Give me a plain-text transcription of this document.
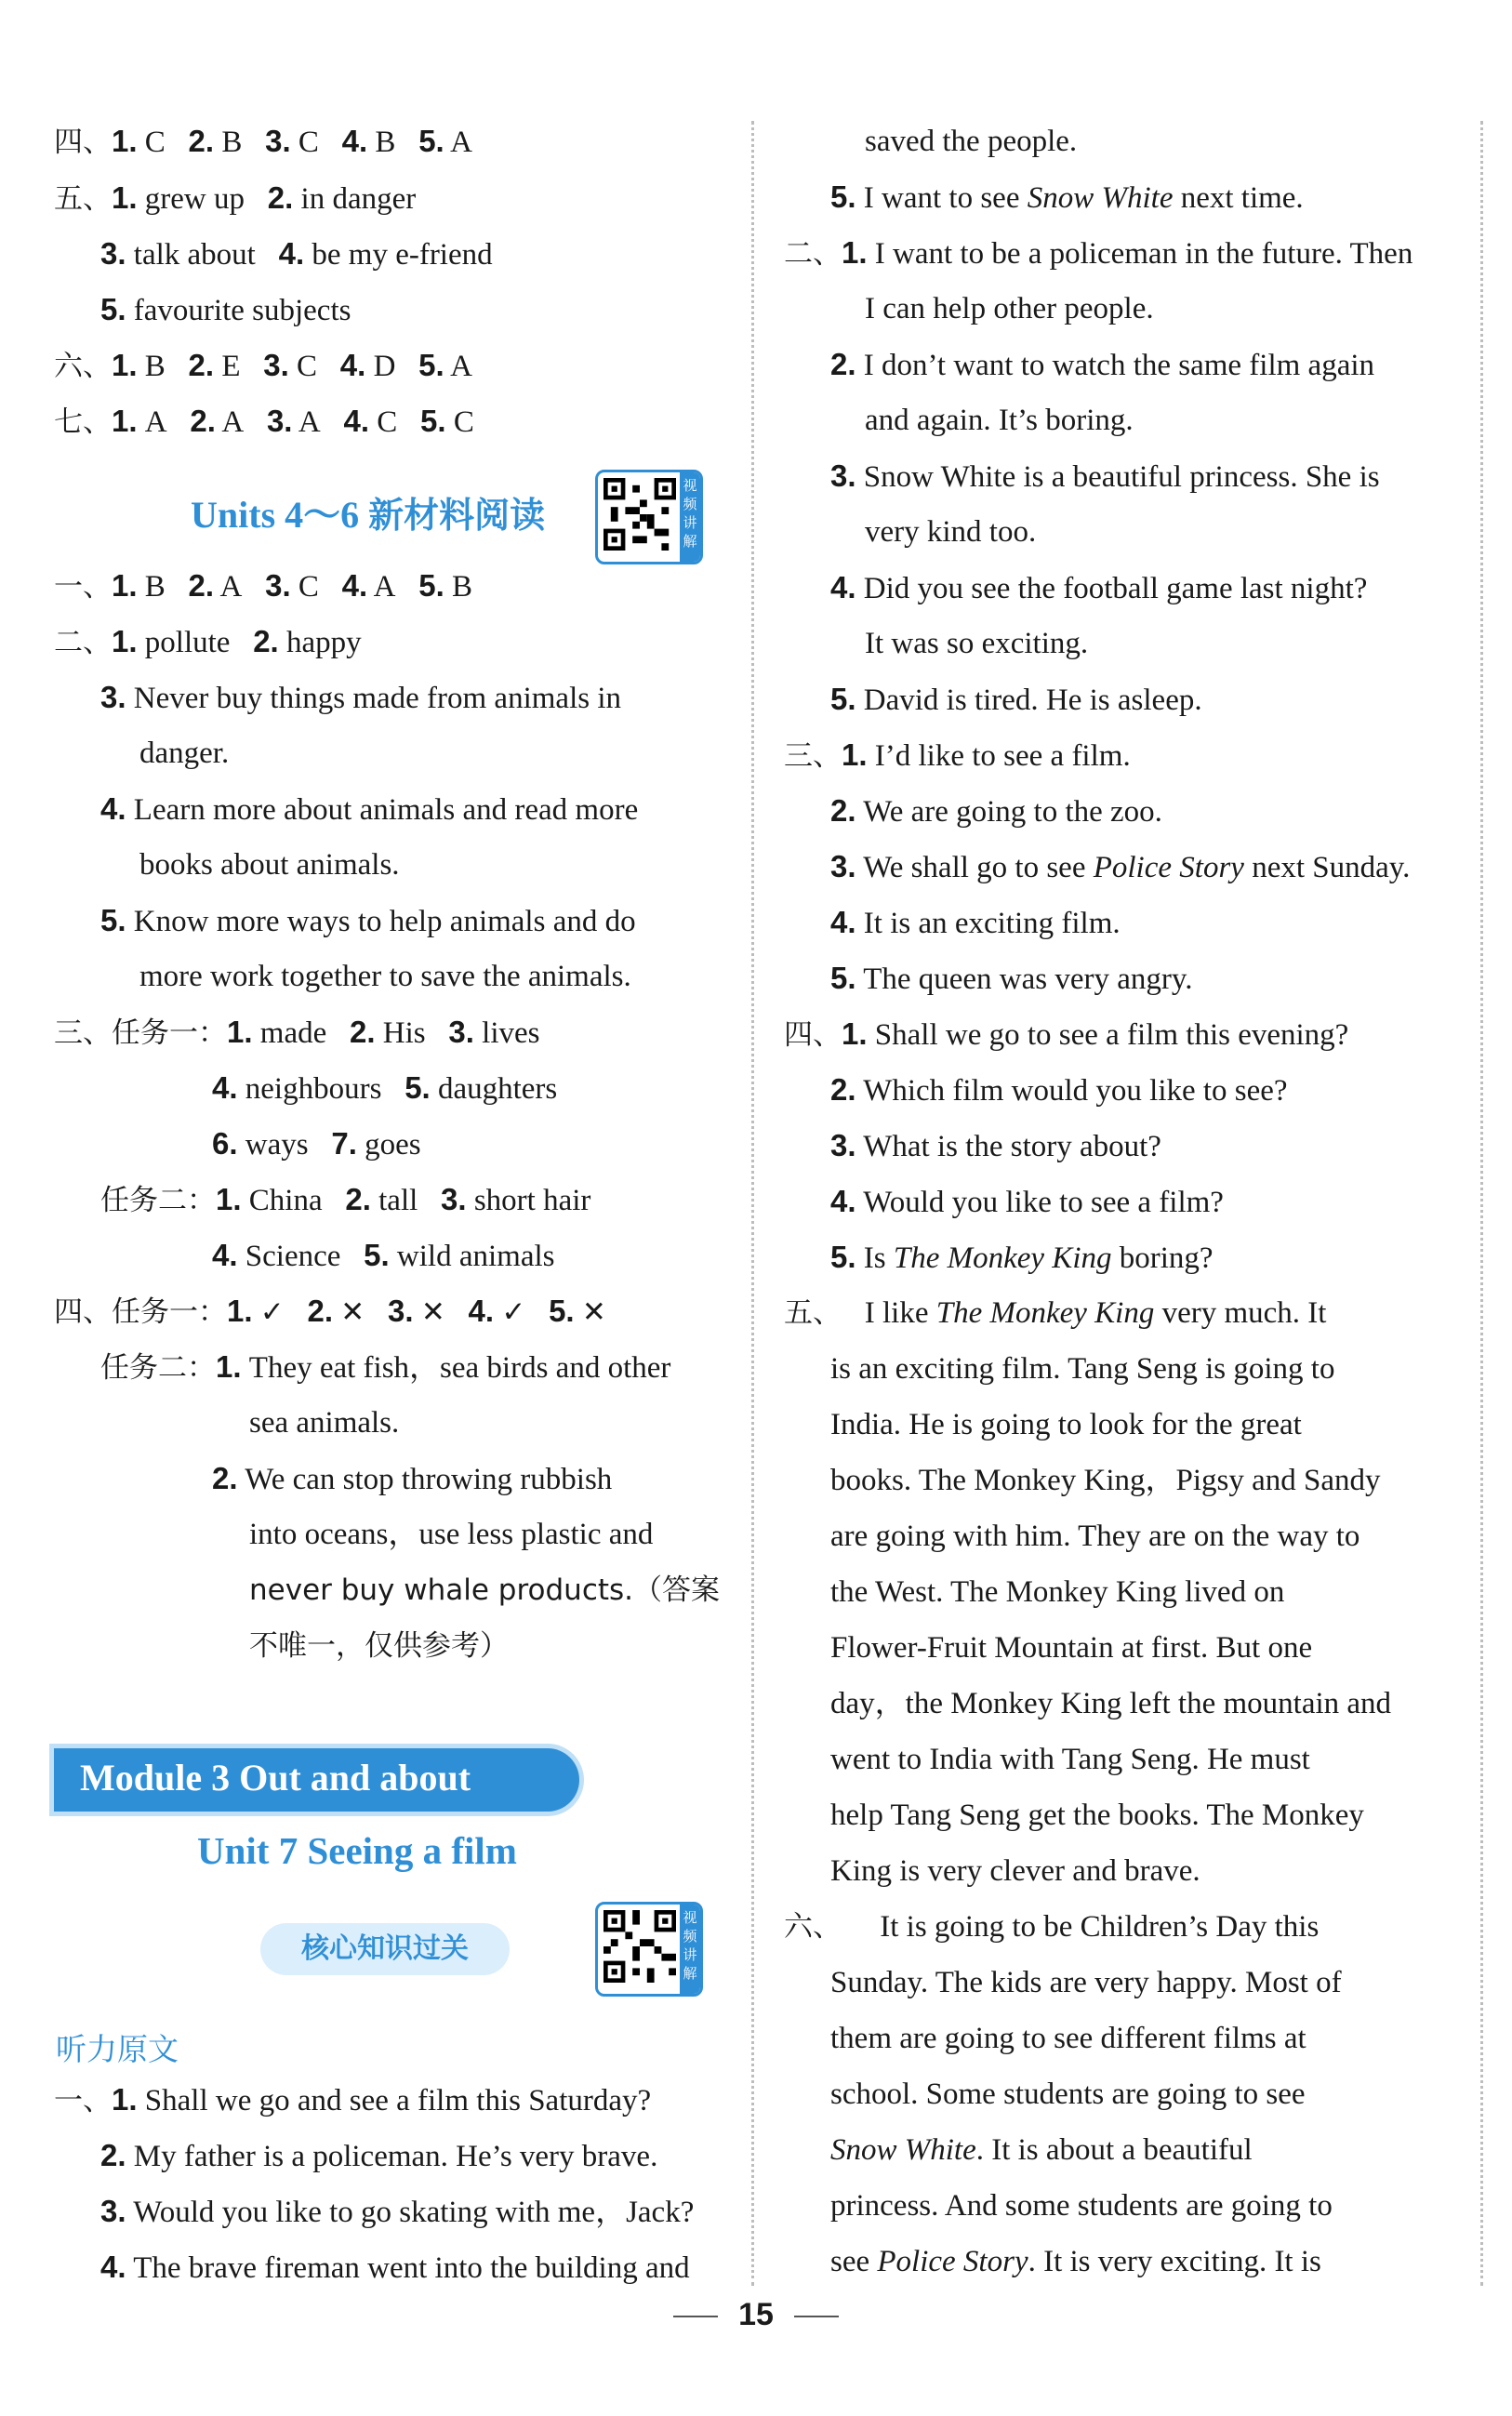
四、1. C 2. B 3. C 4. B 5. A
五、1. grew up 2. in danger
3. talk about 4. be my e-friend
5. favourite subjects
六、1. B 2. E 3. C 4. D 5. A
七、1. A 2. A 3. A 4. C 5. C
Units 4～6 新材料阅读
视频讲解
一、1. B 2. A 3. C 4. A 5. B
二、1. pollute 2. happy
3. Never buy things made from animals in
danger.
4. Learn more about animals and read more
books about animals.
5. Know more ways to help animals and do
more work together to save the animals.
三、任务一：1. made 2. His 3. lives
4. neighbours 5. daughters
6. ways 7. goes
任务二：1. China 2. tall 3. short hair
4. Science 5. wild animals
四、任务一：1. ✓ 2. ✕ 3. ✕ 4. ✓ 5. ✕
任务二：1. They eat fish，sea birds and other
sea animals.
2. We can stop throwing rubbish
into oceans，use less plastic and
never buy whale products.（答案
不唯一，仅供参考）
Module 3 Out and about
Unit 7 Seeing a film
核心知识过关
视频讲解
听力原文
一、1. Shall we go and see a film this Saturday?
2. My father is a policeman. He’s very brave.
3. Would you like to go skating with me，Jack?
4. The brave fireman went into the building and
saved the people.
5. I want to see Snow White next time.
二、1. I want to be a policeman in the future. Then
I can help other people.
2. I don’t want to watch the same film again
and again. It’s boring.
3. Snow White is a beautiful princess. She is
very kind too.
4. Did you see the football game last night?
It was so exciting.
5. David is tired. He is asleep.
三、1. I’d like to see a film.
2. We are going to the zoo.
3. We shall go to see Police Story next Sunday.
4. It is an exciting film.
5. The queen was very angry.
四、1. Shall we go to see a film this evening?
2. Which film would you like to see?
3. What is the story about?
4. Would you like to see a film?
5. Is The Monkey King boring?
五、 I like The Monkey King very much. It
is an exciting film. Tang Seng is going to
India. He is going to look for the great
books. The Monkey King，Pigsy and Sandy
are going with him. They are on the way to
the West. The Monkey King lived on
Flower-Fruit Mountain at first. But one
day，the Monkey King left the mountain and
went to India with Tang Seng. He must
help Tang Seng get the books. The Monkey
King is very clever and brave.
六、 It is going to be Children’s Day this
Sunday. The kids are very happy. Most of
them are going to see different films at
school. Some students are going to see
Snow White. It is about a beautiful
princess. And some students are going to
see Police Story. It is very exciting. It is
15
